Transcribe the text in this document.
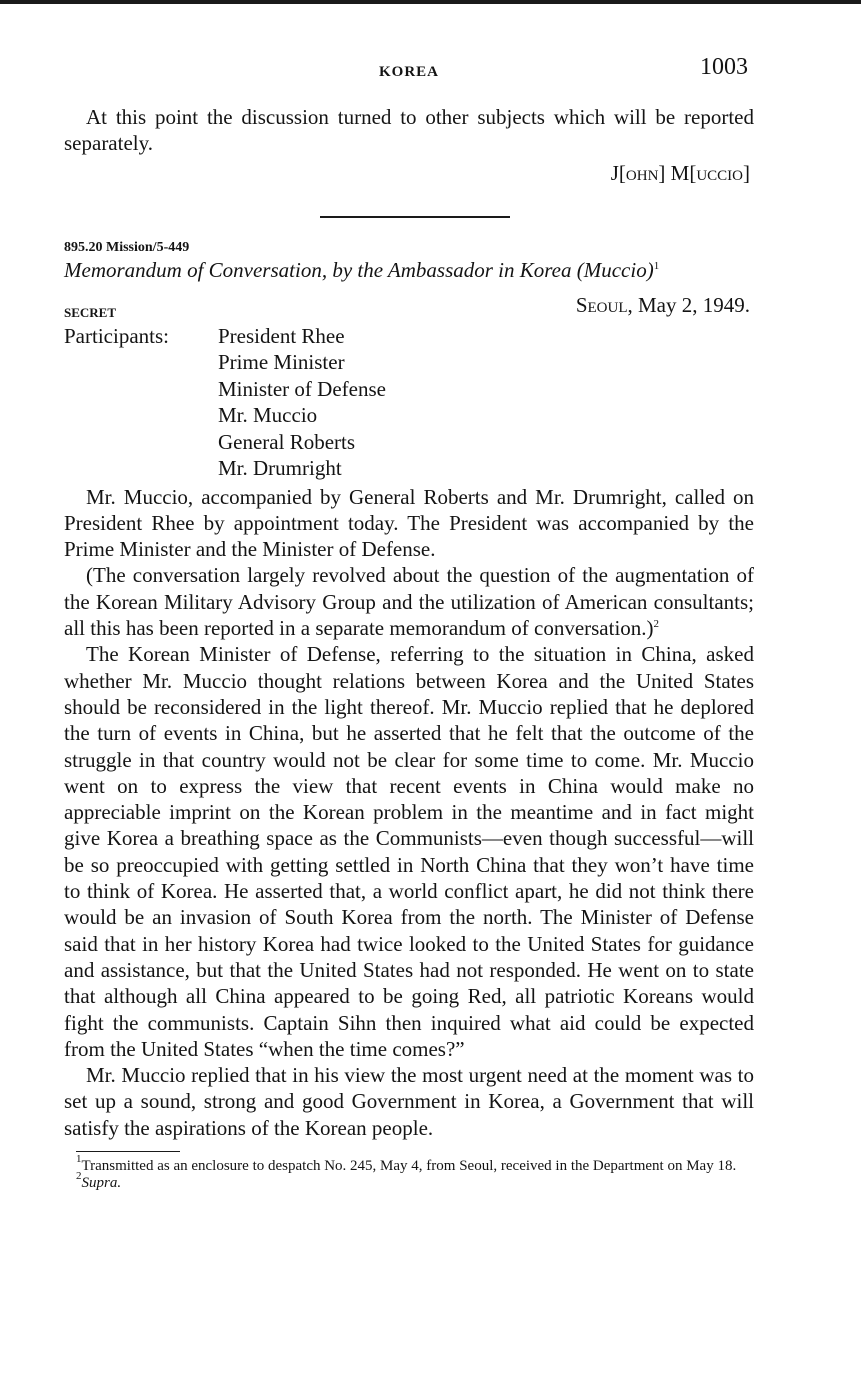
KOREA	1003

At this point the discussion turned to other subjects which will be reported separately.

J[ohn] M[uccio]

895.20 Mission/5-449

Memorandum of Conversation, by the Ambassador in Korea (Muccio)$^1$

SECRET	Seoul, May 2, 1949.
Participants:	President Rhee
Prime Minister
Minister of Defense
Mr. Muccio
General Roberts
Mr. Drumright

Mr. Muccio, accompanied by General Roberts and Mr. Drumright, called on President Rhee by appointment today. The President was accompanied by the Prime Minister and the Minister of Defense.

(The conversation largely revolved about the question of the augmentation of the Korean Military Advisory Group and the utilization of American consultants; all this has been reported in a separate memorandum of conversation.)$^2$

The Korean Minister of Defense, referring to the situation in China, asked whether Mr. Muccio thought relations between Korea and the United States should be reconsidered in the light thereof. Mr. Muccio replied that he deplored the turn of events in China, but he asserted that he felt that the outcome of the struggle in that country would not be clear for some time to come. Mr. Muccio went on to express the view that recent events in China would make no appreciable imprint on the Korean problem in the meantime and in fact might give Korea a breathing space as the Communists—even though successful—will be so preoccupied with getting settled in North China that they won’t have time to think of Korea. He asserted that, a world conflict apart, he did not think there would be an invasion of South Korea from the north. The Minister of Defense said that in her history Korea had twice looked to the United States for guidance and assistance, but that the United States had not responded. He went on to state that although all China appeared to be going Red, all patriotic Koreans would fight the communists. Captain Sihn then inquired what aid could be expected from the United States “when the time comes?”

Mr. Muccio replied that in his view the most urgent need at the moment was to set up a sound, strong and good Government in Korea, a Government that will satisfy the aspirations of the Korean people.

$^1$Transmitted as an enclosure to despatch No. 245, May 4, from Seoul, received in the Department on May 18.

$^2$Supra.
